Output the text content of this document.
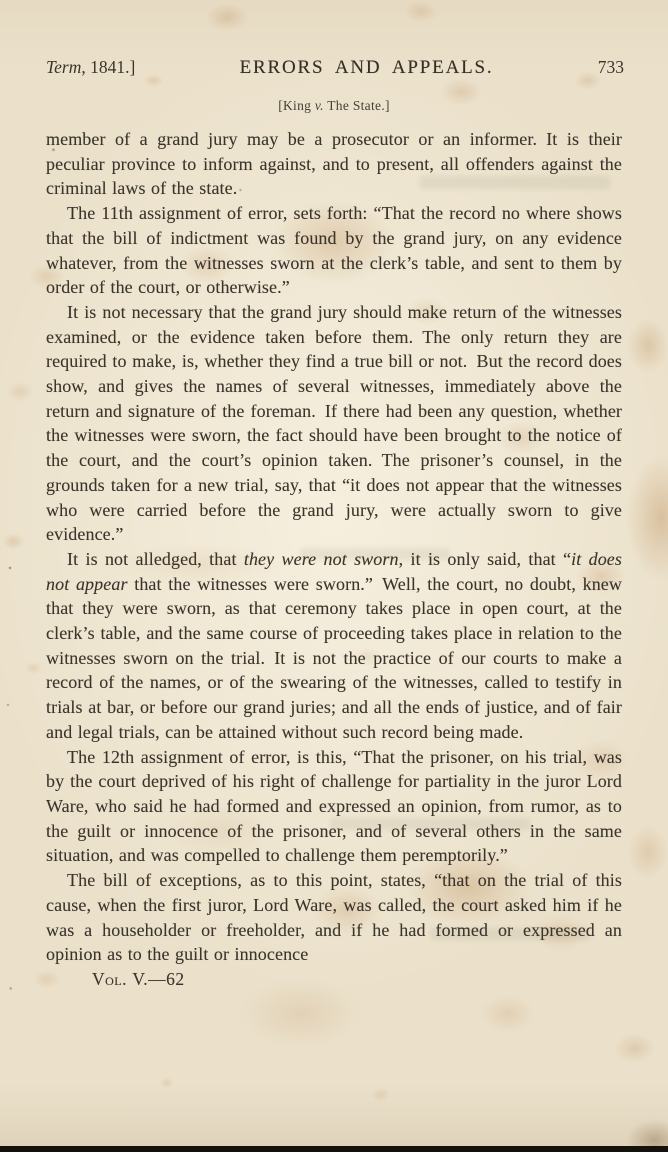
Term, 1841.]	ERRORS AND APPEALS.	733
[King v. The State.]

member of a grand jury may be a prosecutor or an informer. It is their peculiar province to inform against, and to present, all offenders against the criminal laws of the state.

The 11th assignment of error, sets forth: “That the record no where shows that the bill of indictment was found by the grand jury, on any evidence whatever, from the witnesses sworn at the clerk’s table, and sent to them by order of the court, or otherwise.”

It is not necessary that the grand jury should make return of the witnesses examined, or the evidence taken before them. The only return they are required to make, is, whether they find a true bill or not. But the record does show, and gives the names of several witnesses, immediately above the return and signature of the foreman. If there had been any question, whether the witnesses were sworn, the fact should have been brought to the notice of the court, and the court’s opinion taken. The prisoner’s counsel, in the grounds taken for a new trial, say, that “it does not appear that the witnesses who were carried before the grand jury, were actually sworn to give evidence.”

It is not alledged, that they were not sworn, it is only said, that “it does not appear that the witnesses were sworn.” Well, the court, no doubt, knew that they were sworn, as that ceremony takes place in open court, at the clerk’s table, and the same course of proceeding takes place in relation to the witnesses sworn on the trial. It is not the practice of our courts to make a record of the names, or of the swearing of the witnesses, called to testify in trials at bar, or before our grand juries; and all the ends of justice, and of fair and legal trials, can be attained without such record being made.

The 12th assignment of error, is this, “That the prisoner, on his trial, was by the court deprived of his right of challenge for partiality in the juror Lord Ware, who said he had formed and expressed an opinion, from rumor, as to the guilt or innocence of the prisoner, and of several others in the same situation, and was compelled to challenge them peremptorily.”

The bill of exceptions, as to this point, states, “that on the trial of this cause, when the first juror, Lord Ware, was called, the court asked him if he was a householder or freeholder, and if he had formed or expressed an opinion as to the guilt or innocence

Vol. V.—62
